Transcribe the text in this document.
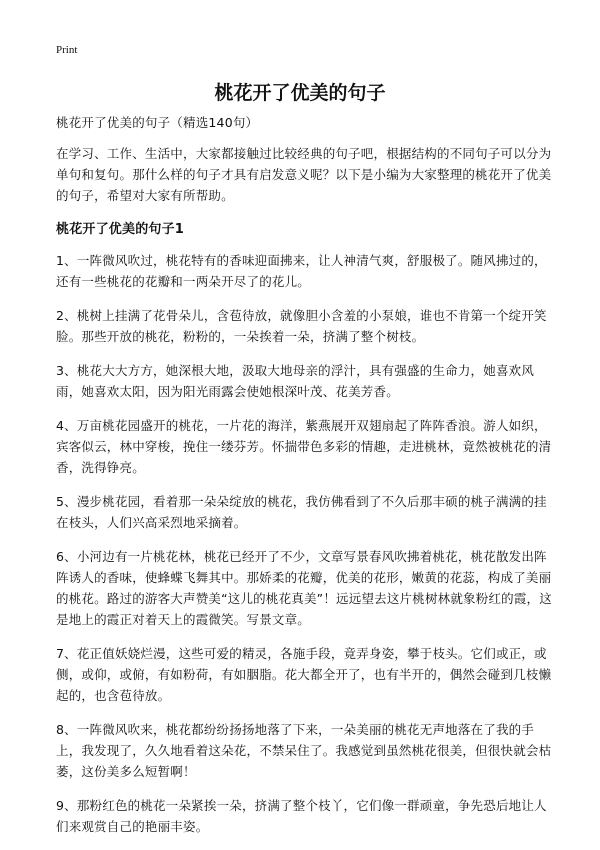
Print
桃花开了优美的句子

桃花开了优美的句子（精选140句）

在学习、工作、生活中，大家都接触过比较经典的句子吧，根据结构的不同句子可以分为单句和复句。那什么样的句子才具有启发意义呢？以下是小编为大家整理的桃花开了优美的句子，希望对大家有所帮助。

桃花开了优美的句子1

1、一阵微风吹过，桃花特有的香味迎面拂来，让人神清气爽，舒服极了。随风拂过的，还有一些桃花的花瓣和一两朵开尽了的花儿。

2、桃树上挂满了花骨朵儿，含苞待放，就像胆小含羞的小泵娘，谁也不肯第一个绽开笑脸。那些开放的桃花，粉粉的，一朵挨着一朵，挤满了整个树枝。

3、桃花大大方方，她深根大地，汲取大地母亲的浮汁，具有强盛的生命力，她喜欢风雨，她喜欢太阳，因为阳光雨露会使她根深叶茂、花美芳香。

4、万亩桃花园盛开的桃花，一片花的海洋，紫燕展开双翅扇起了阵阵香浪。游人如织，宾客似云，林中穿梭，挽住一缕芬芳。怀揣带色多彩的情趣，走进桃林，竟然被桃花的清香，洗得铮亮。

5、漫步桃花园，看着那一朵朵绽放的桃花，我仿佛看到了不久后那丰硕的桃子满满的挂在枝头，人们兴高采烈地采摘着。

6、小河边有一片桃花林，桃花已经开了不少，文章写景春风吹拂着桃花，桃花散发出阵阵诱人的香味，使蜂蝶飞舞其中。那娇柔的花瓣，优美的花形，嫩黄的花蕊，构成了美丽的桃花。路过的游客大声赞美“这儿的桃花真美”！远远望去这片桃树林就象粉红的霞，这是地上的霞正对着天上的霞微笑。写景文章。

7、花正值妖娆烂漫，这些可爱的精灵，各施手段，竟弄身姿，攀于枝头。它们或正，或侧，或仰，或俯，有如粉荷，有如胭脂。花大都全开了，也有半开的，偶然会碰到几枝懒起的，也含苞待放。

8、一阵微风吹来，桃花都纷纷扬扬地落了下来，一朵美丽的桃花无声地落在了我的手上，我发现了，久久地看着这朵花，不禁呆住了。我感觉到虽然桃花很美，但很快就会枯萎，这份美多么短暂啊！

9、那粉红色的桃花一朵紧挨一朵，挤满了整个枝丫，它们像一群顽童，争先恐后地让人们来观赏自己的艳丽丰姿。
